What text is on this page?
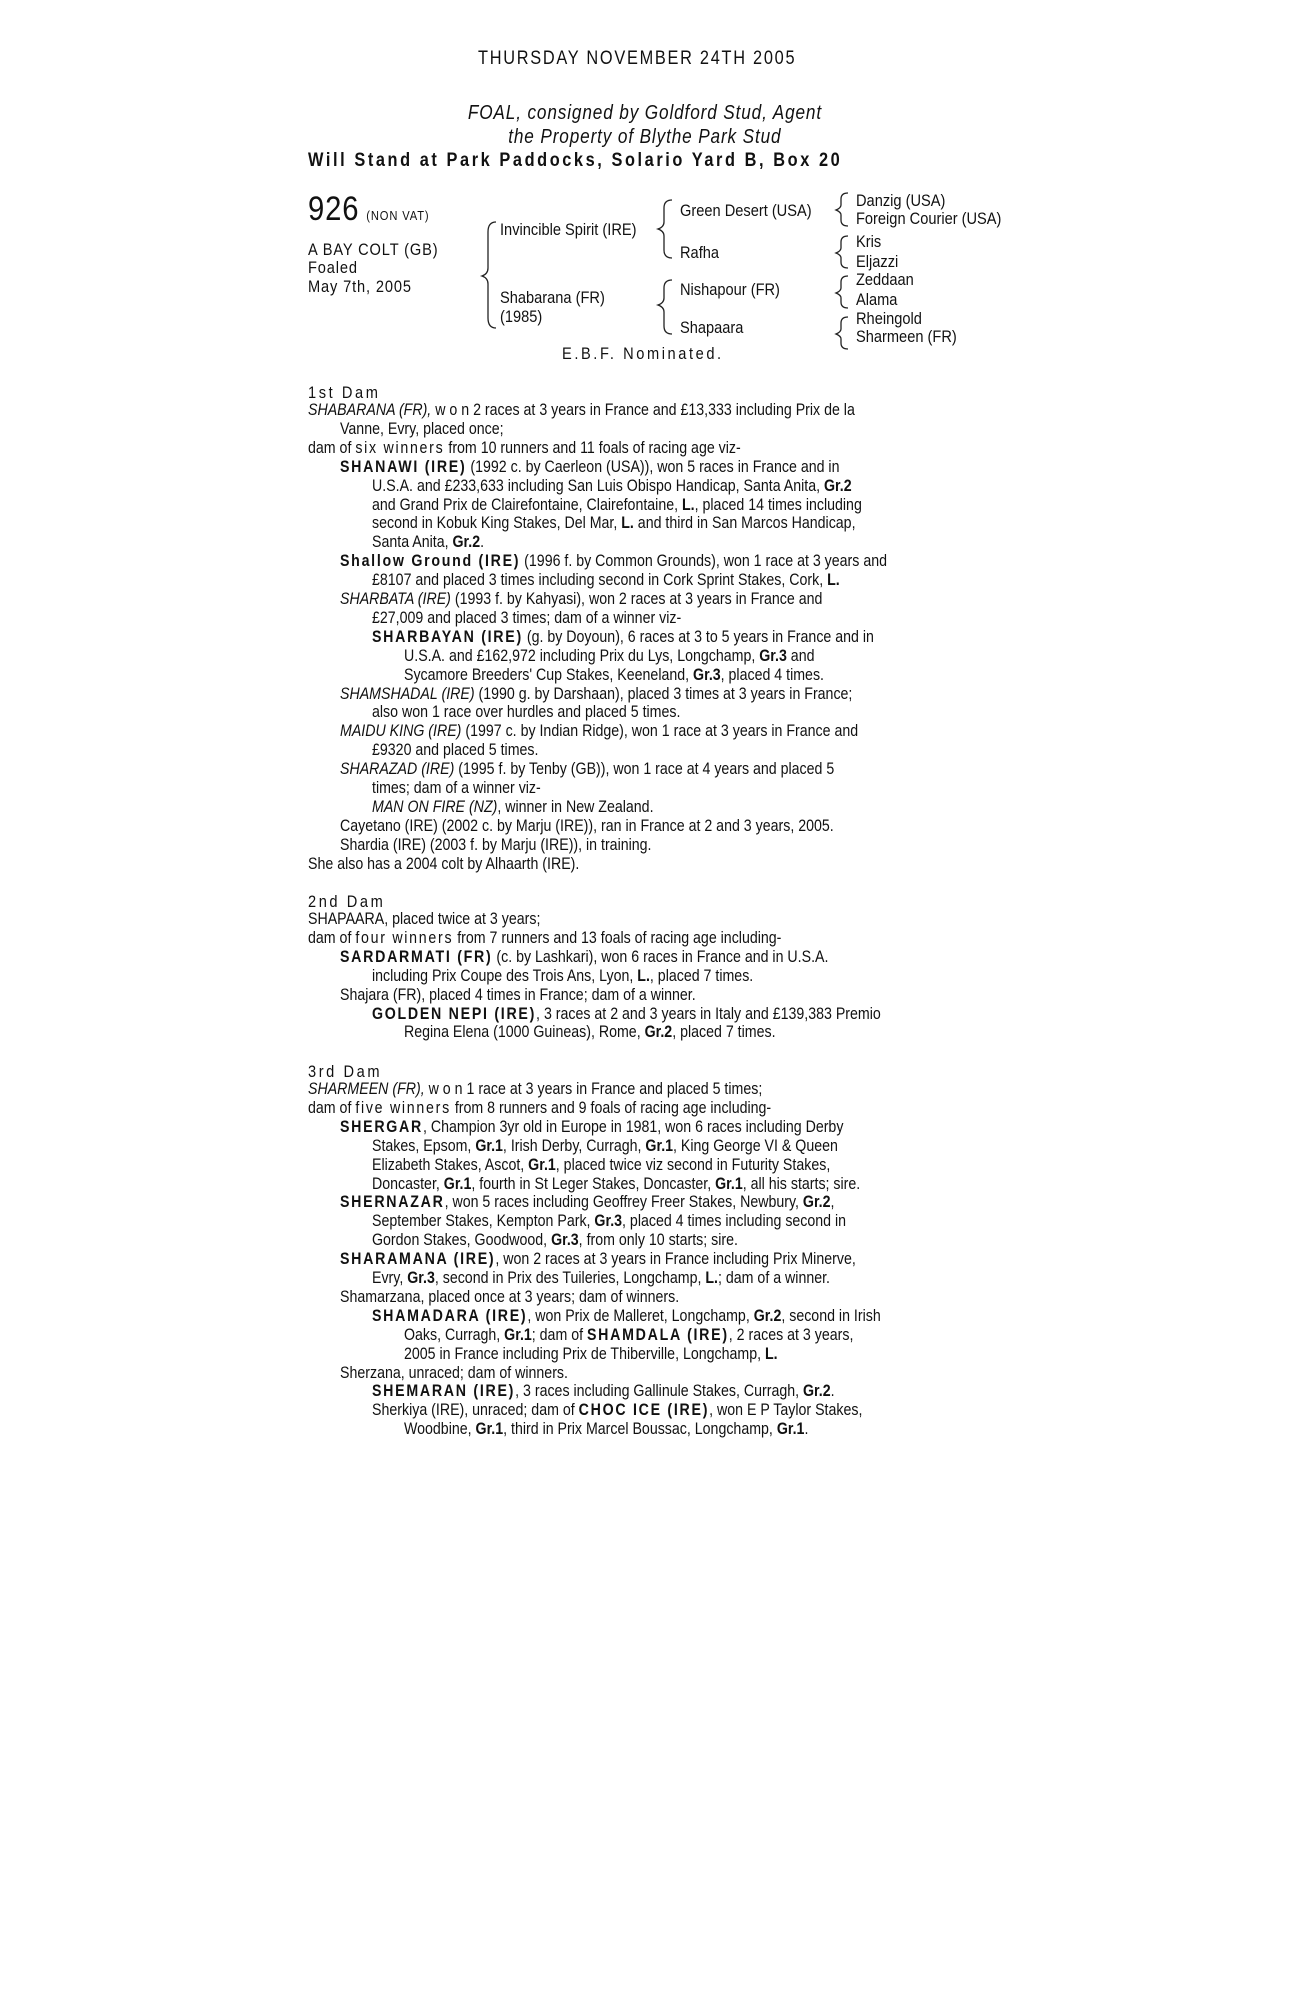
THURSDAY NOVEMBER 24TH 2005
FOAL, consigned by Goldford Stud, Agent
the Property of Blythe Park Stud
Will Stand at Park Paddocks, Solario Yard B, Box 20
926 (NON VAT)
A BAY COLT (GB)
Foaled
May 7th, 2005
Invincible Spirit (IRE)
Shabarana (FR)
(1985)
Green Desert (USA)
Rafha
Nishapour (FR)
Shapaara
Danzig (USA)
Foreign Courier (USA)
Kris
Eljazzi
Zeddaan
Alama
Rheingold
Sharmeen (FR)
E.B.F. Nominated.
1st Dam
SHABARANA (FR), w o n 2 races at 3 years in France and £13,333 including Prix de la
Vanne, Evry, placed once;
dam of six winners from 10 runners and 11 foals of racing age viz-
SHANAWI (IRE) (1992 c. by Caerleon (USA)), won 5 races in France and in
U.S.A. and £233,633 including San Luis Obispo Handicap, Santa Anita, Gr.2
and Grand Prix de Clairefontaine, Clairefontaine, L., placed 14 times including
second in Kobuk King Stakes, Del Mar, L. and third in San Marcos Handicap,
Santa Anita, Gr.2.
Shallow Ground (IRE) (1996 f. by Common Grounds), won 1 race at 3 years and
£8107 and placed 3 times including second in Cork Sprint Stakes, Cork, L.
SHARBATA (IRE) (1993 f. by Kahyasi), won 2 races at 3 years in France and
£27,009 and placed 3 times; dam of a winner viz-
SHARBAYAN (IRE) (g. by Doyoun), 6 races at 3 to 5 years in France and in
U.S.A. and £162,972 including Prix du Lys, Longchamp, Gr.3 and
Sycamore Breeders' Cup Stakes, Keeneland, Gr.3, placed 4 times.
SHAMSHADAL (IRE) (1990 g. by Darshaan), placed 3 times at 3 years in France;
also won 1 race over hurdles and placed 5 times.
MAIDU KING (IRE) (1997 c. by Indian Ridge), won 1 race at 3 years in France and
£9320 and placed 5 times.
SHARAZAD (IRE) (1995 f. by Tenby (GB)), won 1 race at 4 years and placed 5
times; dam of a winner viz-
MAN ON FIRE (NZ), winner in New Zealand.
Cayetano (IRE) (2002 c. by Marju (IRE)), ran in France at 2 and 3 years, 2005.
Shardia (IRE) (2003 f. by Marju (IRE)), in training.
She also has a 2004 colt by Alhaarth (IRE).
2nd Dam
SHAPAARA, placed twice at 3 years;
dam of four winners from 7 runners and 13 foals of racing age including-
SARDARMATI (FR) (c. by Lashkari), won 6 races in France and in U.S.A.
including Prix Coupe des Trois Ans, Lyon, L., placed 7 times.
Shajara (FR), placed 4 times in France; dam of a winner.
GOLDEN NEPI (IRE), 3 races at 2 and 3 years in Italy and £139,383 Premio
Regina Elena (1000 Guineas), Rome, Gr.2, placed 7 times.
3rd Dam
SHARMEEN (FR), w o n 1 race at 3 years in France and placed 5 times;
dam of five winners from 8 runners and 9 foals of racing age including-
SHERGAR, Champion 3yr old in Europe in 1981, won 6 races including Derby
Stakes, Epsom, Gr.1, Irish Derby, Curragh, Gr.1, King George VI & Queen
Elizabeth Stakes, Ascot, Gr.1, placed twice viz second in Futurity Stakes,
Doncaster, Gr.1, fourth in St Leger Stakes, Doncaster, Gr.1, all his starts; sire.
SHERNAZAR, won 5 races including Geoffrey Freer Stakes, Newbury, Gr.2,
September Stakes, Kempton Park, Gr.3, placed 4 times including second in
Gordon Stakes, Goodwood, Gr.3, from only 10 starts; sire.
SHARAMANA (IRE), won 2 races at 3 years in France including Prix Minerve,
Evry, Gr.3, second in Prix des Tuileries, Longchamp, L.; dam of a winner.
Shamarzana, placed once at 3 years; dam of winners.
SHAMADARA (IRE), won Prix de Malleret, Longchamp, Gr.2, second in Irish
Oaks, Curragh, Gr.1; dam of SHAMDALA (IRE), 2 races at 3 years,
2005 in France including Prix de Thiberville, Longchamp, L.
Sherzana, unraced; dam of winners.
SHEMARAN (IRE), 3 races including Gallinule Stakes, Curragh, Gr.2.
Sherkiya (IRE), unraced; dam of CHOC ICE (IRE), won E P Taylor Stakes,
Woodbine, Gr.1, third in Prix Marcel Boussac, Longchamp, Gr.1.
